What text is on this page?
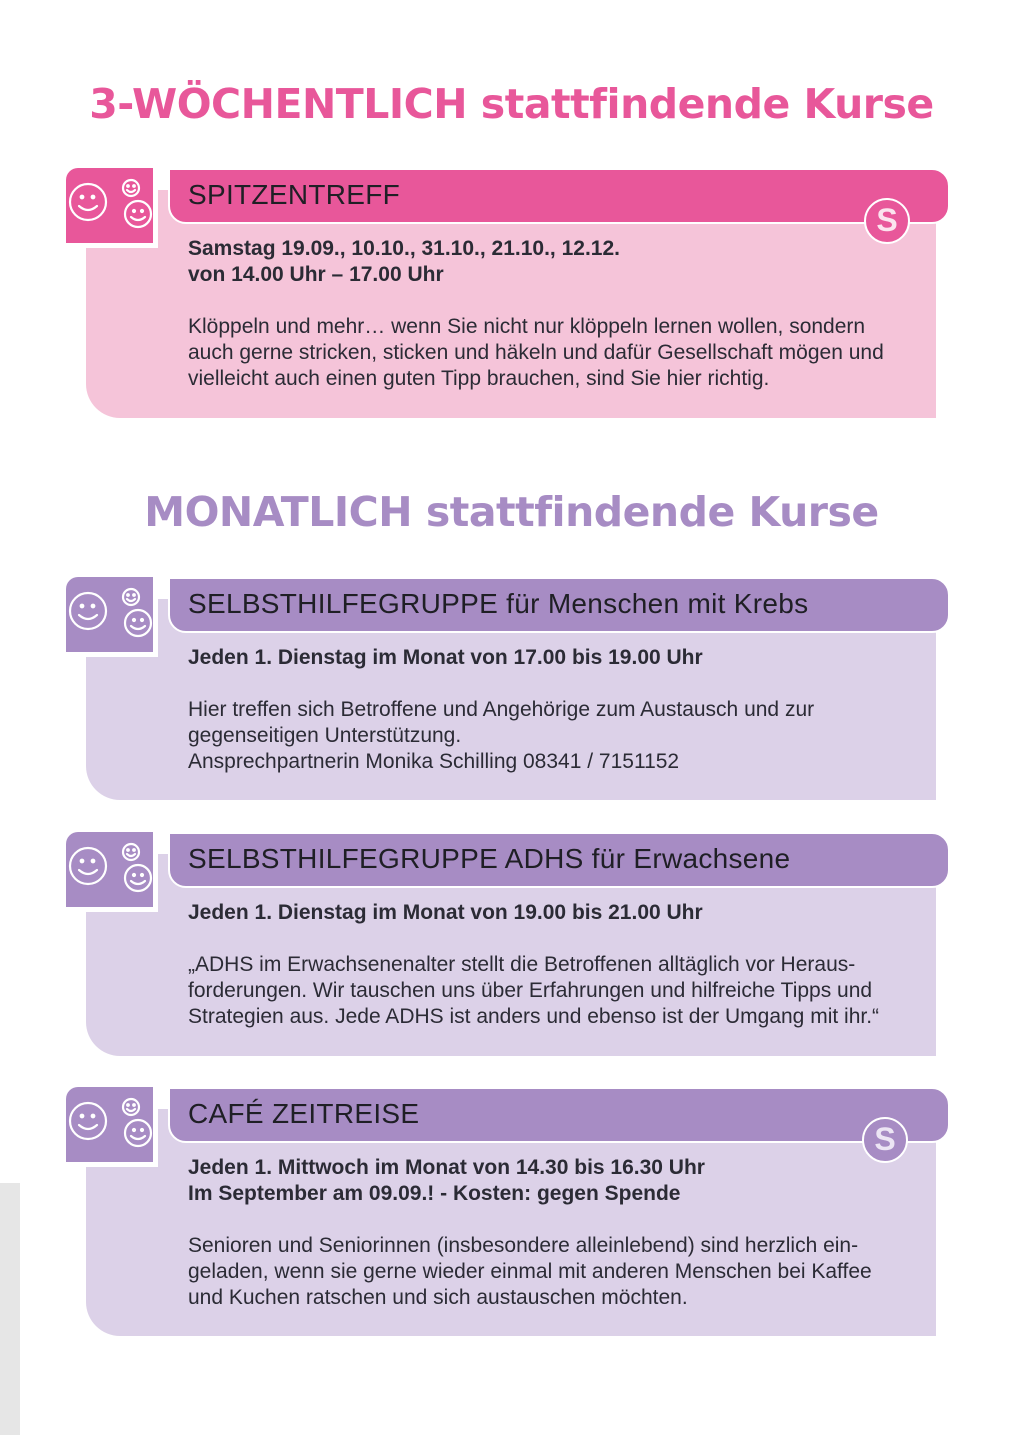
3-WÖCHENTLICH stattfindende Kurse
SPITZENTREFF
S

Samstag 19.09., 10.10., 31.10., 21.10., 12.12.
von 14.00 Uhr – 17.00 Uhr

Klöppeln und mehr… wenn Sie nicht nur klöppeln lernen wollen, sondern
auch gerne stricken, sticken und häkeln und dafür Gesellschaft mögen und
vielleicht auch einen guten Tipp brauchen, sind Sie hier richtig.

MONATLICH stattfindende Kurse
SELBSTHILFEGRUPPE für Menschen mit Krebs

Jeden 1. Dienstag im Monat von 17.00 bis 19.00 Uhr

Hier treffen sich Betroffene und Angehörige zum Austausch und zur
gegenseitigen Unterstützung.
Ansprechpartnerin Monika Schilling 08341 / 7151152

SELBSTHILFEGRUPPE ADHS für Erwachsene

Jeden 1. Dienstag im Monat von 19.00 bis 21.00 Uhr

„ADHS im Erwachsenenalter stellt die Betroffenen alltäglich vor Heraus-
forderungen. Wir tauschen uns über Erfahrungen und hilfreiche Tipps und
Strategien aus. Jede ADHS ist anders und ebenso ist der Umgang mit ihr.“

CAFÉ ZEITREISE
S

Jeden 1. Mittwoch im Monat von 14.30 bis 16.30 Uhr
Im September am 09.09.! - Kosten: gegen Spende

Senioren und Seniorinnen (insbesondere alleinlebend) sind herzlich ein-
geladen, wenn sie gerne wieder einmal mit anderen Menschen bei Kaffee
und Kuchen ratschen und sich austauschen möchten.
